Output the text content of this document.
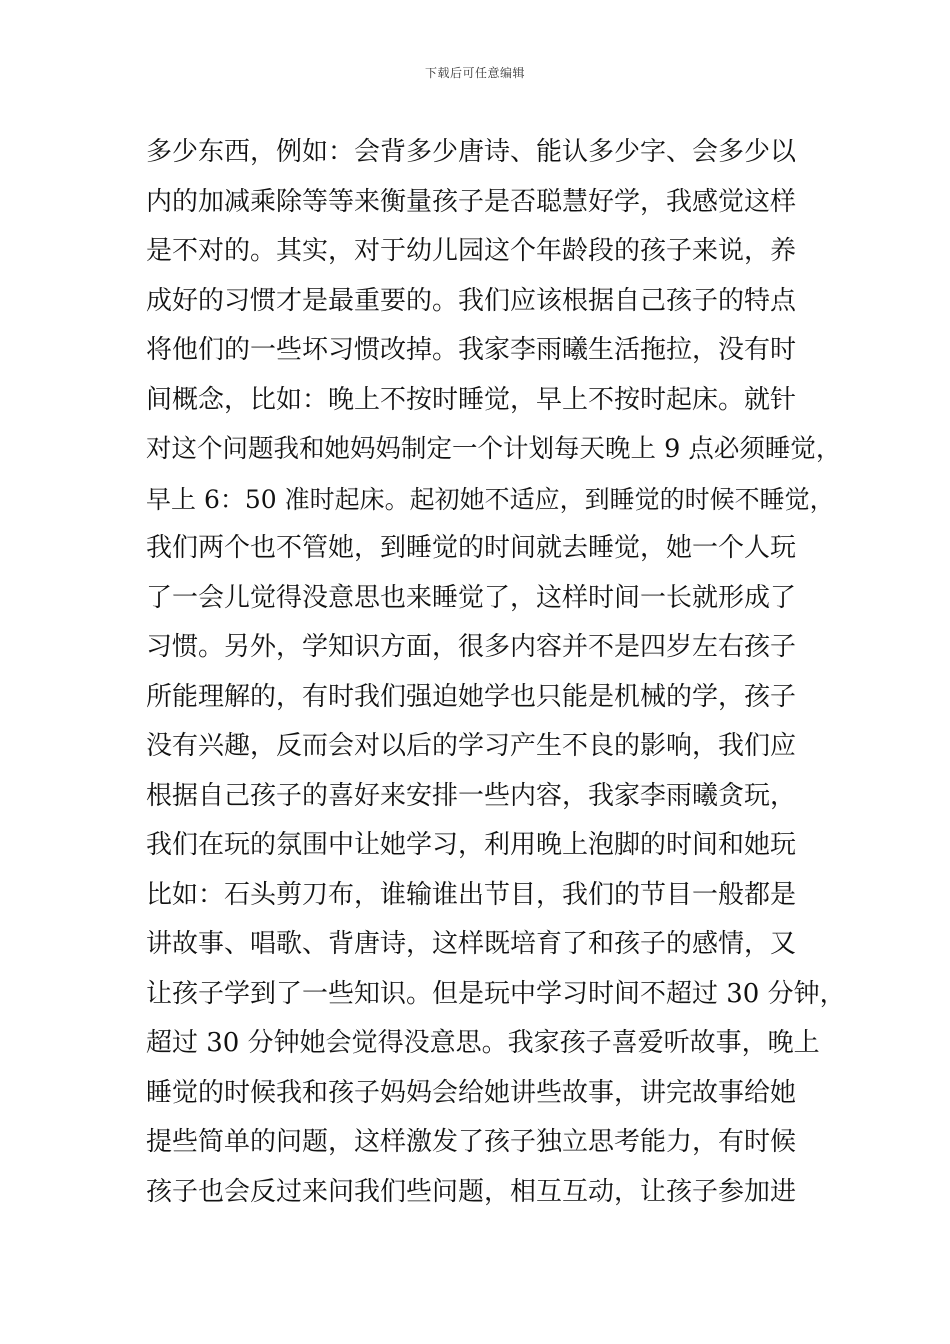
下载后可任意编辑
多少东西，例如：会背多少唐诗、能认多少字、会多少以
内的加减乘除等等来衡量孩子是否聪慧好学，我感觉这样
是不对的。其实，对于幼儿园这个年龄段的孩子来说，养
成好的习惯才是最重要的。我们应该根据自己孩子的特点
将他们的一些坏习惯改掉。我家李雨曦生活拖拉，没有时
间概念，比如：晚上不按时睡觉，早上不按时起床。就针
对这个问题我和她妈妈制定一个计划每天晚上 9 点必须睡觉，
早上 6：50 准时起床。起初她不适应，到睡觉的时候不睡觉，
我们两个也不管她，到睡觉的时间就去睡觉，她一个人玩
了一会儿觉得没意思也来睡觉了，这样时间一长就形成了
习惯。另外，学知识方面，很多内容并不是四岁左右孩子
所能理解的，有时我们强迫她学也只能是机械的学，孩子
没有兴趣，反而会对以后的学习产生不良的影响，我们应
根据自己孩子的喜好来安排一些内容，我家李雨曦贪玩，
我们在玩的氛围中让她学习，利用晚上泡脚的时间和她玩
比如：石头剪刀布，谁输谁出节目，我们的节目一般都是
讲故事、唱歌、背唐诗，这样既培育了和孩子的感情，又
让孩子学到了一些知识。但是玩中学习时间不超过 30 分钟，
超过 30 分钟她会觉得没意思。我家孩子喜爱听故事，晚上
睡觉的时候我和孩子妈妈会给她讲些故事，讲完故事给她
提些简单的问题，这样激发了孩子独立思考能力，有时候
孩子也会反过来问我们些问题，相互互动，让孩子参加进
